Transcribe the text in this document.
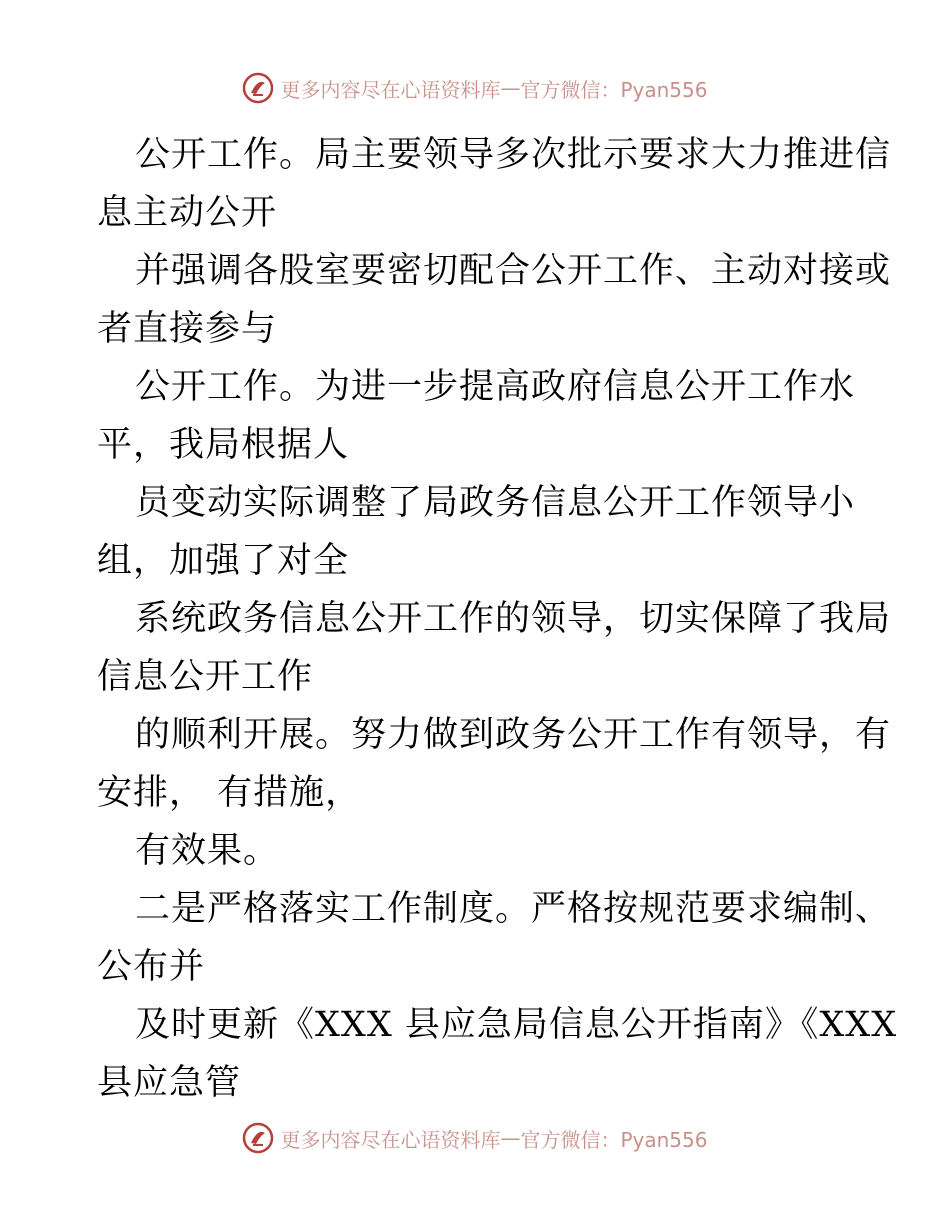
更多内容尽在心语资料库 — 官方微信：Pyan556
公开工作。局主要领导多次批示要求大力推进信
息主动公开
并强调各股室要密切配合公开工作、主动对接或
者直接参与
公开工作。为进一步提高政府信息公开工作水
平，我局根据人
员变动实际调整了局政务信息公开工作领导小
组，加强了对全
系统政务信息公开工作的领导，切实保障了我局
信息公开工作
的顺利开展。努力做到政务公开工作有领导，有
安排， 有措施，
有效果。
二是严格落实工作制度。严格按规范要求编制、
公布并
及时更新《XXX 县应急局信息公开指南》《XXX
县应急管
更多内容尽在心语资料库 — 官方微信：Pyan556
